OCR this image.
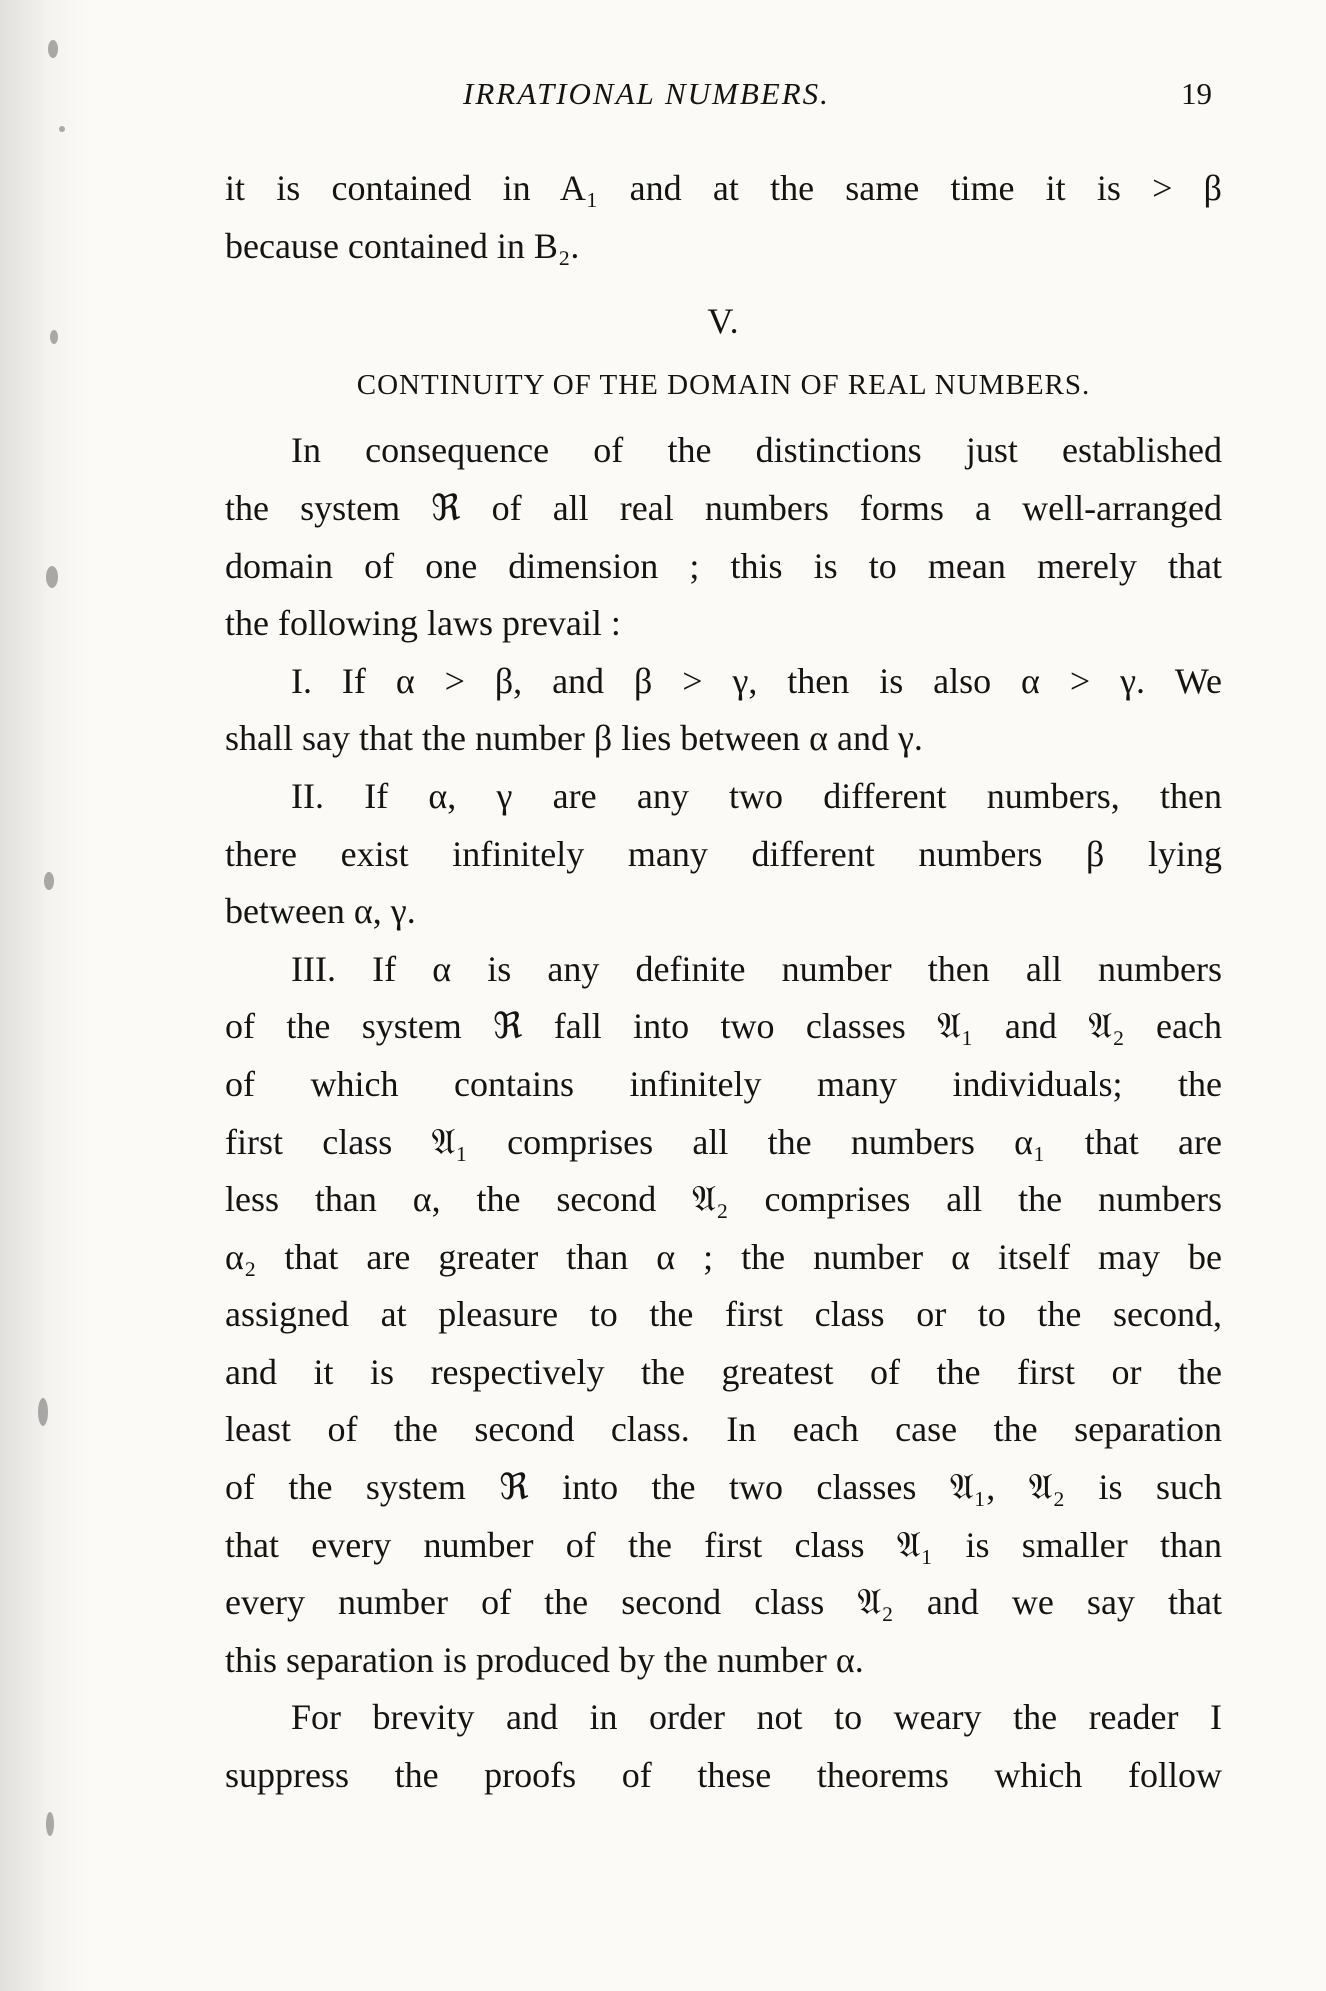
IRRATIONAL NUMBERS.	19
it is contained in A₁ and at the same time it is > β
because contained in B₂.
V.
CONTINUITY OF THE DOMAIN OF REAL NUMBERS.
In consequence of the distinctions just established
the system ℜ of all real numbers forms a well-arranged
domain of one dimension ; this is to mean merely that
the following laws prevail :
I. If α > β, and β > γ, then is also α > γ. We
shall say that the number β lies between α and γ.
II. If α, γ are any two different numbers, then
there exist infinitely many different numbers β lying
between α, γ.
III. If α is any definite number then all numbers
of the system ℜ fall into two classes 𝔄₁ and 𝔄₂ each
of which contains infinitely many individuals; the
first class 𝔄₁ comprises all the numbers α₁ that are
less than α, the second 𝔄₂ comprises all the numbers
α₂ that are greater than α ; the number α itself may be
assigned at pleasure to the first class or to the second,
and it is respectively the greatest of the first or the
least of the second class. In each case the separation
of the system ℜ into the two classes 𝔄₁, 𝔄₂ is such
that every number of the first class 𝔄₁ is smaller than
every number of the second class 𝔄₂ and we say that
this separation is produced by the number α.
For brevity and in order not to weary the reader I
suppress the proofs of these theorems which follow
